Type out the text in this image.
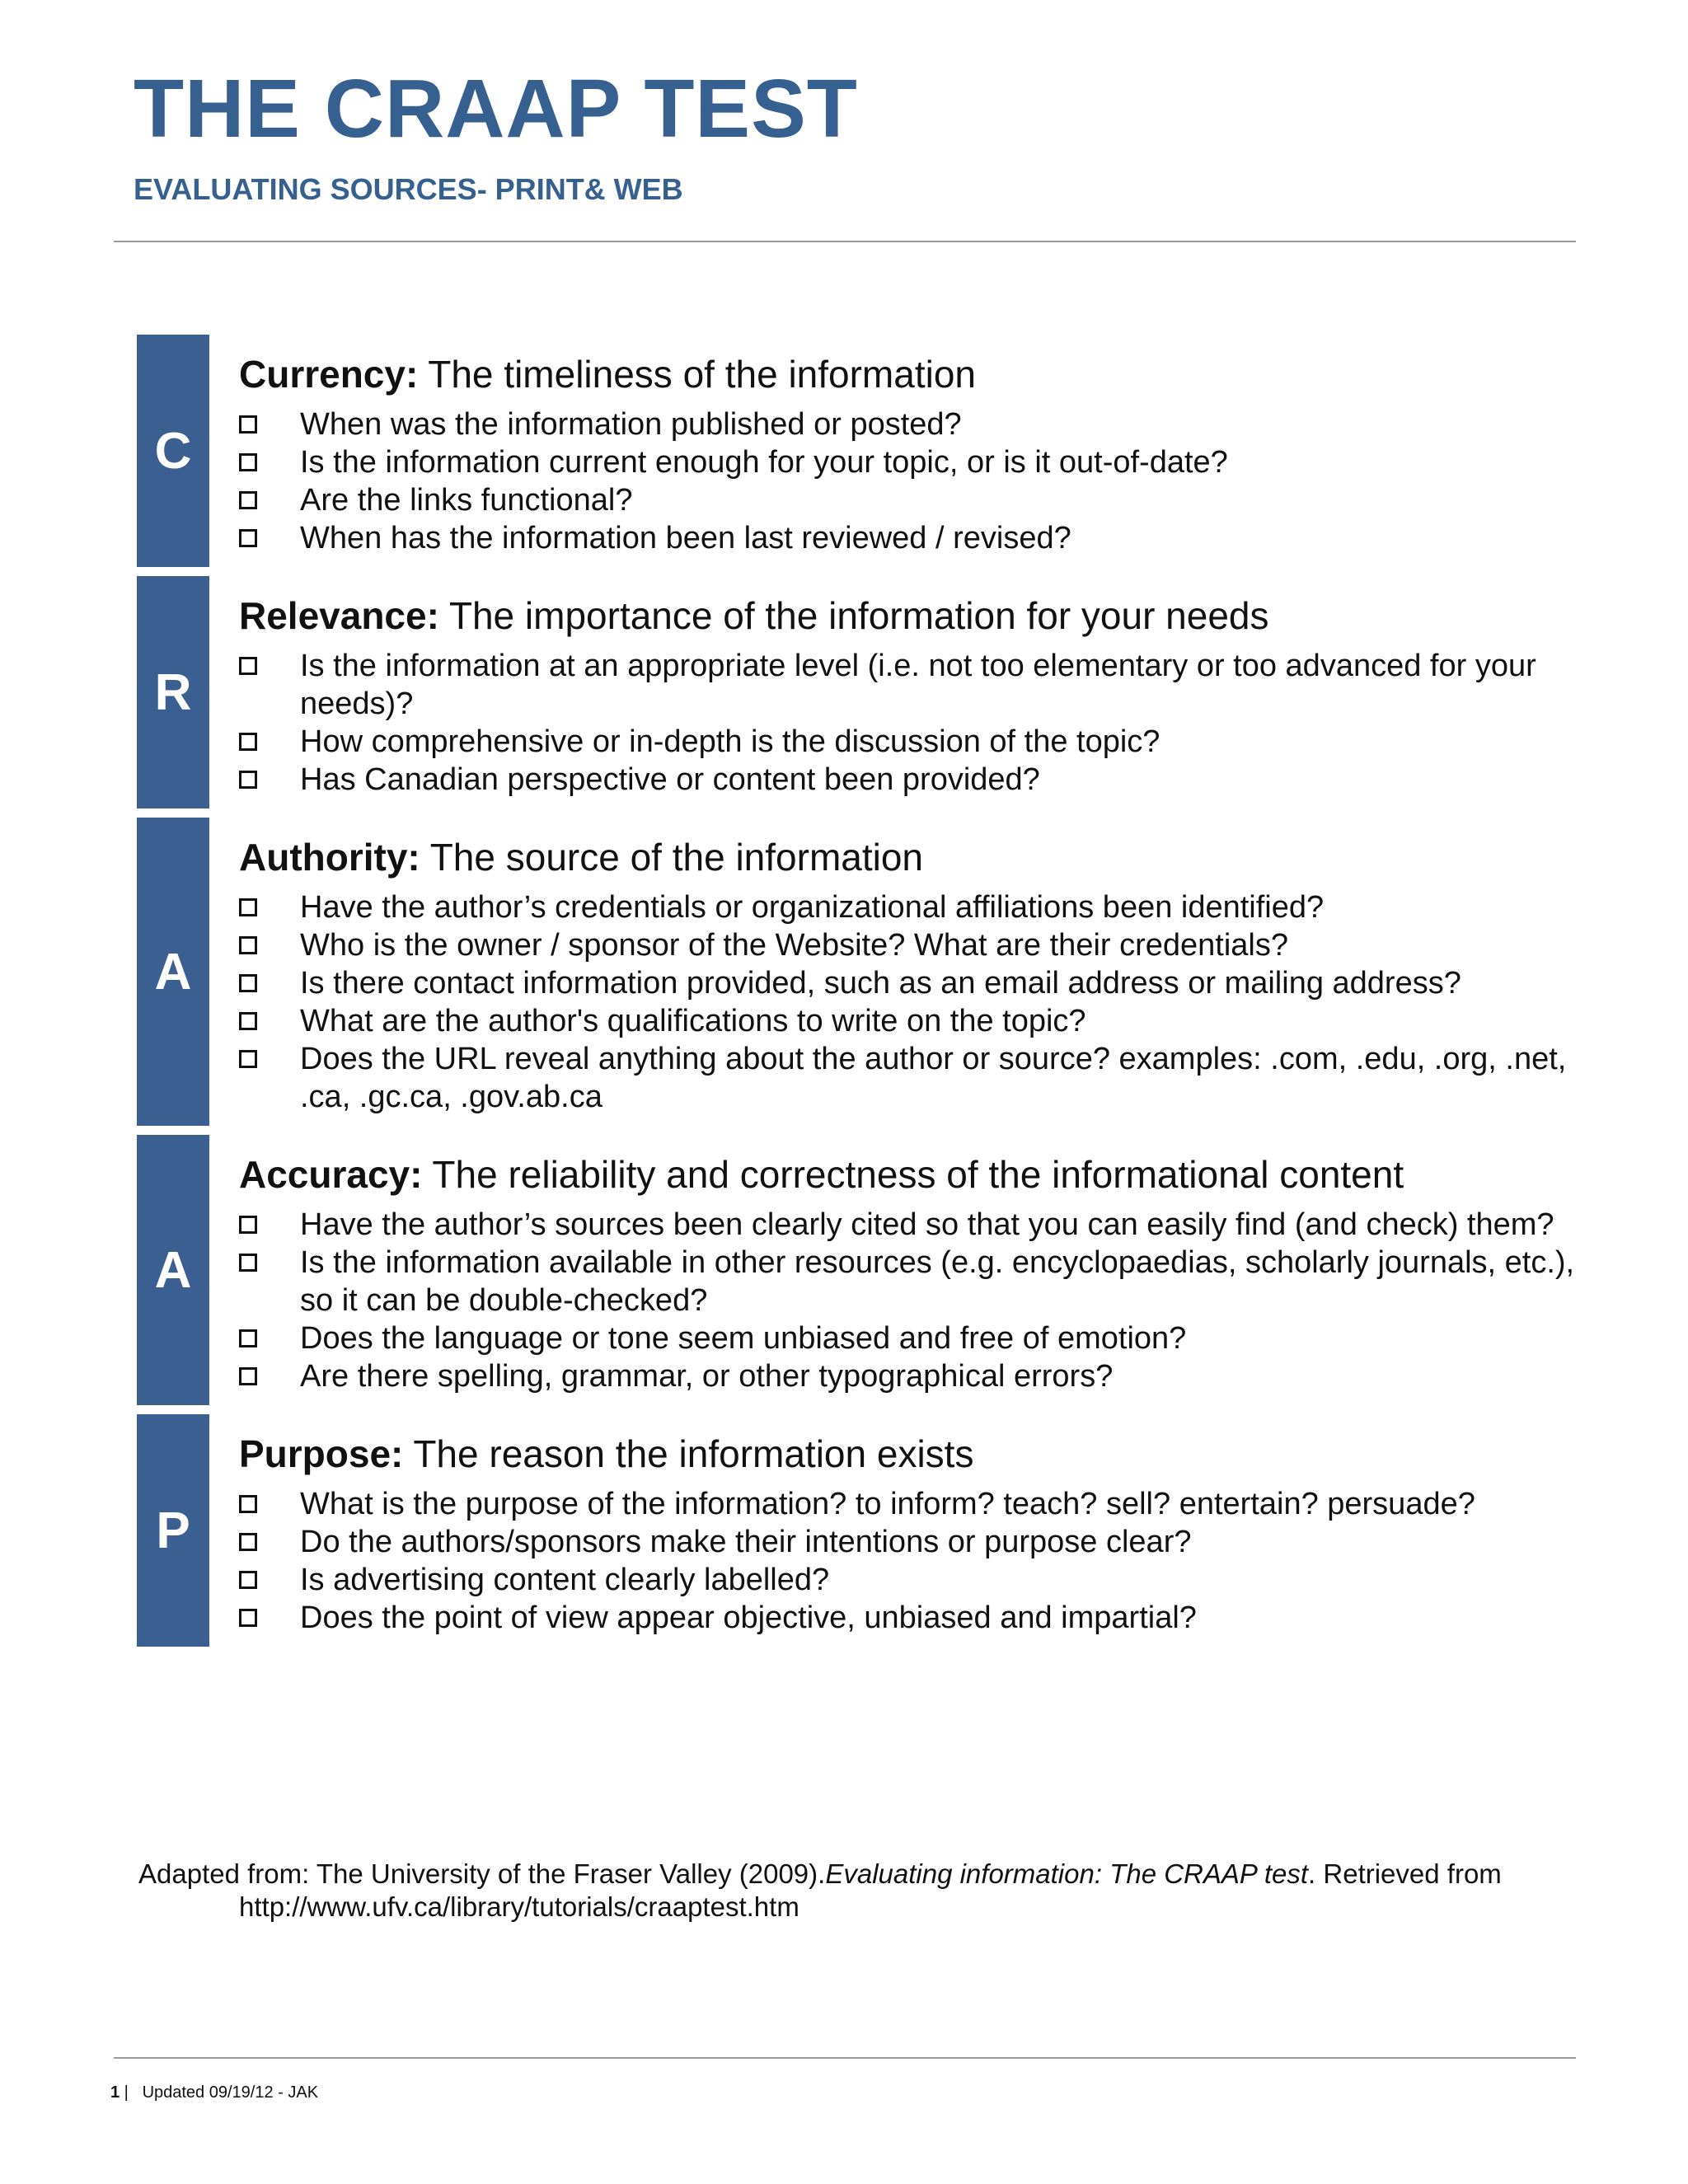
THE CRAAP TEST
EVALUATING SOURCES- PRINT& WEB
C
Currency: The timeliness of the information
When was the information published or posted?
Is the information current enough for your topic, or is it out-of-date?
Are the links functional?
When has the information been last reviewed / revised?
R
Relevance: The importance of the information for your needs
Is the information at an appropriate level (i.e. not too elementary or too advanced for your needs)?
How comprehensive or in-depth is the discussion of the topic?
Has Canadian perspective or content been provided?
A
Authority: The source of the information
Have the author’s credentials or organizational affiliations been identified?
Who is the owner / sponsor of the Website? What are their credentials?
Is there contact information provided, such as an email address or mailing address?
What are the author's qualifications to write on the topic?
Does the URL reveal anything about the author or source? examples: .com, .edu, .org, .net, .ca, .gc.ca, .gov.ab.ca
A
Accuracy: The reliability and correctness of the informational content
Have the author’s sources been clearly cited so that you can easily find (and check) them?
Is the information available in other resources (e.g. encyclopaedias, scholarly journals, etc.), so it can be double-checked?
Does the language or tone seem unbiased and free of emotion?
Are there spelling, grammar, or other typographical errors?
P
Purpose: The reason the information exists
What is the purpose of the information? to inform? teach? sell? entertain? persuade?
Do the authors/sponsors make their intentions or purpose clear?
Is advertising content clearly labelled?
Does the point of view appear objective, unbiased and impartial?
Adapted from: The University of the Fraser Valley (2009).Evaluating information: The CRAAP test. Retrieved from
http://www.ufv.ca/library/tutorials/craaptest.htm
1 | Updated 09/19/12 - JAK
